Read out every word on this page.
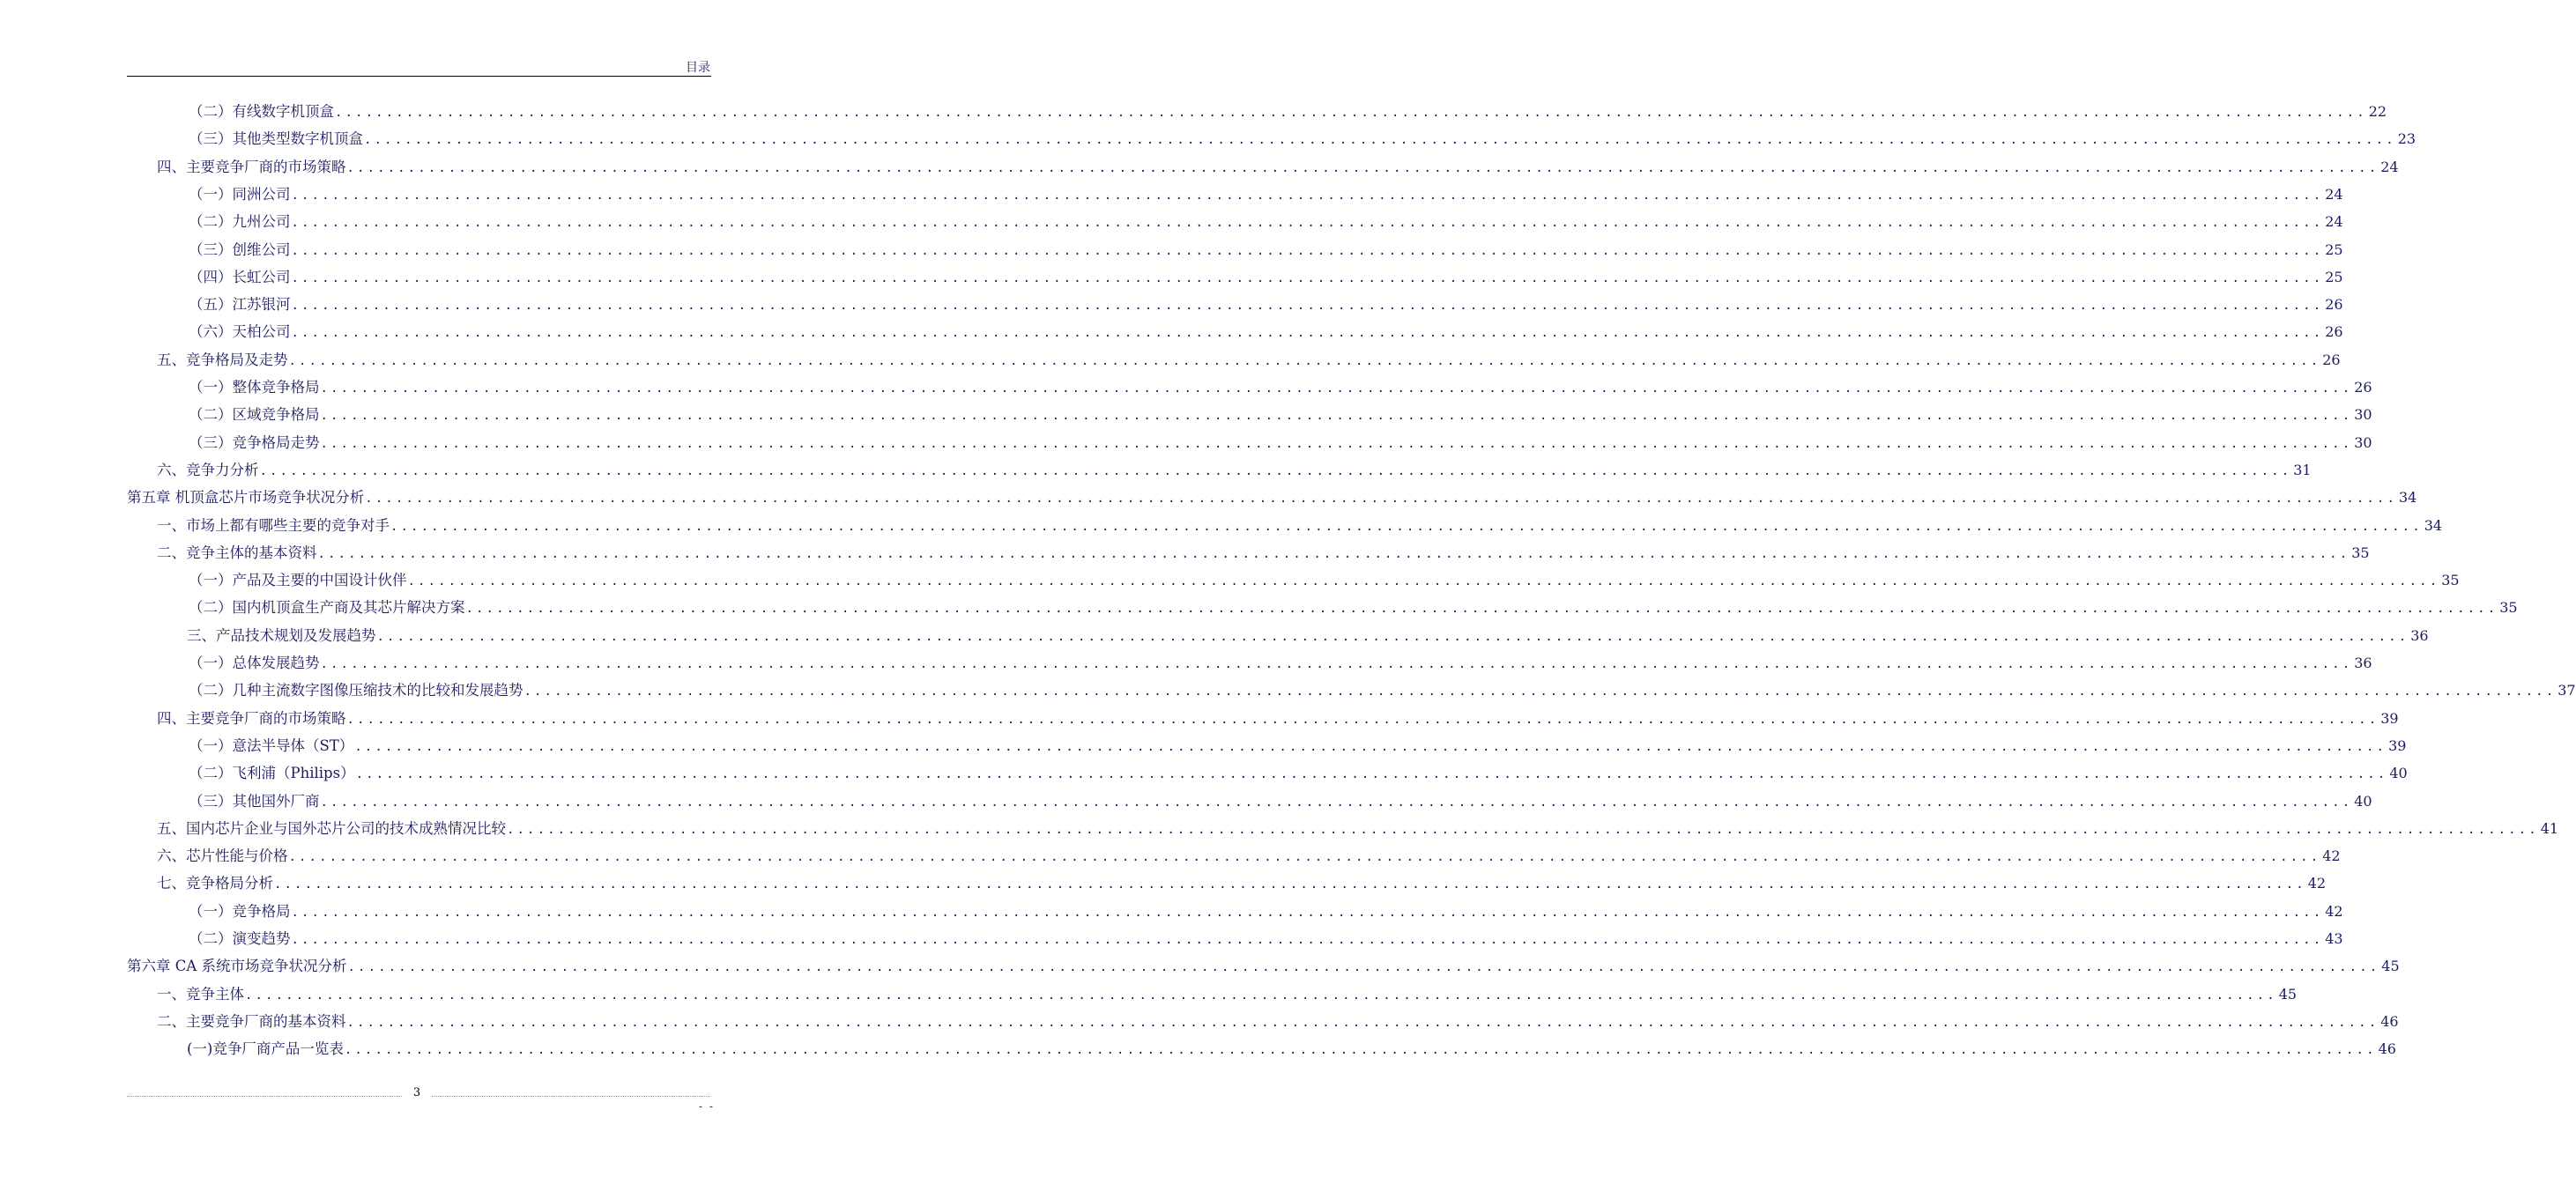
目录
（二）有线数字机顶盒 ........................................................................................................................................................................................................ 22
（三）其他类型数字机顶盒 ........................................................................................................................................................................................................ 23
四、主要竞争厂商的市场策略 ........................................................................................................................................................................................................ 24
（一）同洲公司 ........................................................................................................................................................................................................ 24
（二）九州公司 ........................................................................................................................................................................................................ 24
（三）创维公司 ........................................................................................................................................................................................................ 25
（四）长虹公司 ........................................................................................................................................................................................................ 25
（五）江苏银河 ........................................................................................................................................................................................................ 26
（六）天柏公司 ........................................................................................................................................................................................................ 26
五、竞争格局及走势 ........................................................................................................................................................................................................ 26
（一）整体竞争格局 ........................................................................................................................................................................................................ 26
（二）区域竞争格局 ........................................................................................................................................................................................................ 30
（三）竞争格局走势 ........................................................................................................................................................................................................ 30
六、竞争力分析 ........................................................................................................................................................................................................ 31
第五章 机顶盒芯片市场竞争状况分析 ........................................................................................................................................................................................................ 34
一、市场上都有哪些主要的竞争对手 ........................................................................................................................................................................................................ 34
二、竞争主体的基本资料 ........................................................................................................................................................................................................ 35
（一）产品及主要的中国设计伙伴 ........................................................................................................................................................................................................ 35
（二）国内机顶盒生产商及其芯片解决方案 ........................................................................................................................................................................................................ 35
三、产品技术规划及发展趋势 ........................................................................................................................................................................................................ 36
（一）总体发展趋势 ........................................................................................................................................................................................................ 36
（二）几种主流数字图像压缩技术的比较和发展趋势 ........................................................................................................................................................................................................ 37
四、主要竞争厂商的市场策略 ........................................................................................................................................................................................................ 39
（一）意法半导体（ST） ........................................................................................................................................................................................................ 39
（二）飞利浦（Philips） ........................................................................................................................................................................................................ 40
（三）其他国外厂商 ........................................................................................................................................................................................................ 40
五、国内芯片企业与国外芯片公司的技术成熟情况比较 ........................................................................................................................................................................................................ 41
六、芯片性能与价格 ........................................................................................................................................................................................................ 42
七、竞争格局分析 ........................................................................................................................................................................................................ 42
（一）竞争格局 ........................................................................................................................................................................................................ 42
（二）演变趋势 ........................................................................................................................................................................................................ 43
第六章 CA 系统市场竞争状况分析 ........................................................................................................................................................................................................ 45
一、竞争主体 ........................................................................................................................................................................................................ 45
二、主要竞争厂商的基本资料 ........................................................................................................................................................................................................ 46
(一)竞争厂商产品一览表 ........................................................................................................................................................................................................ 46
3
- -
